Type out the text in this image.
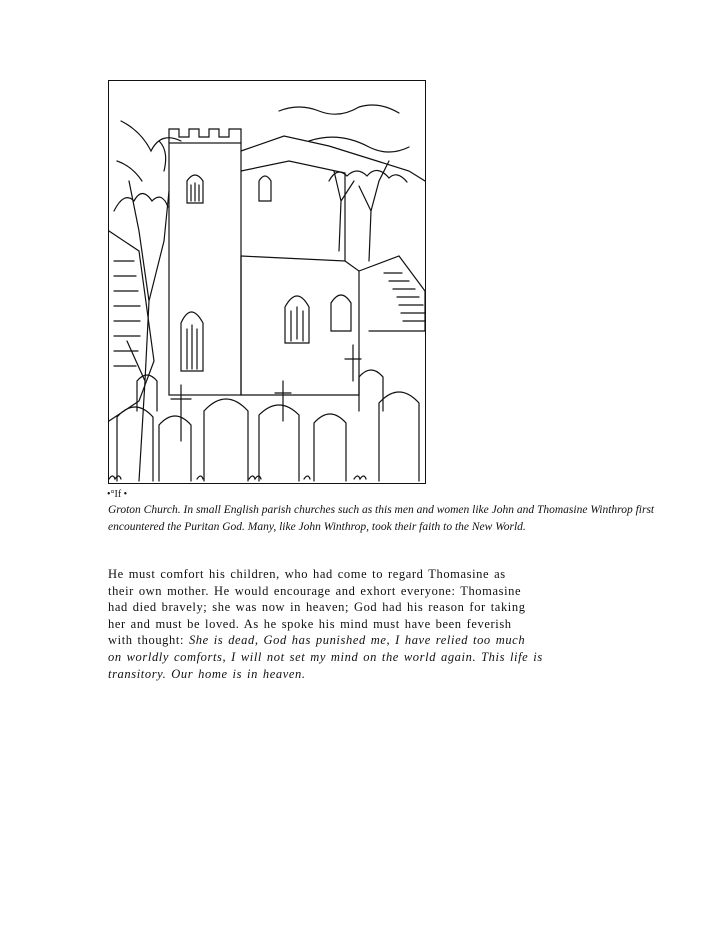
•°If •
Groton Church. In small English parish churches such as this men and women like John and Thomasine Winthrop first
encountered the Puritan God. Many, like John Winthrop, took their faith to the New World.
He must comfort his children, who had come to regard Thomasine as
their own mother. He would encourage and exhort everyone: Thomasine
had died bravely; she was now in heaven; God had his reason for taking
her and must be loved. As he spoke his mind must have been feverish
with thought: She is dead, God has punished me, I have relied too much
on worldly comforts, I will not set my mind on the world again. This life is
transitory. Our home is in heaven.
